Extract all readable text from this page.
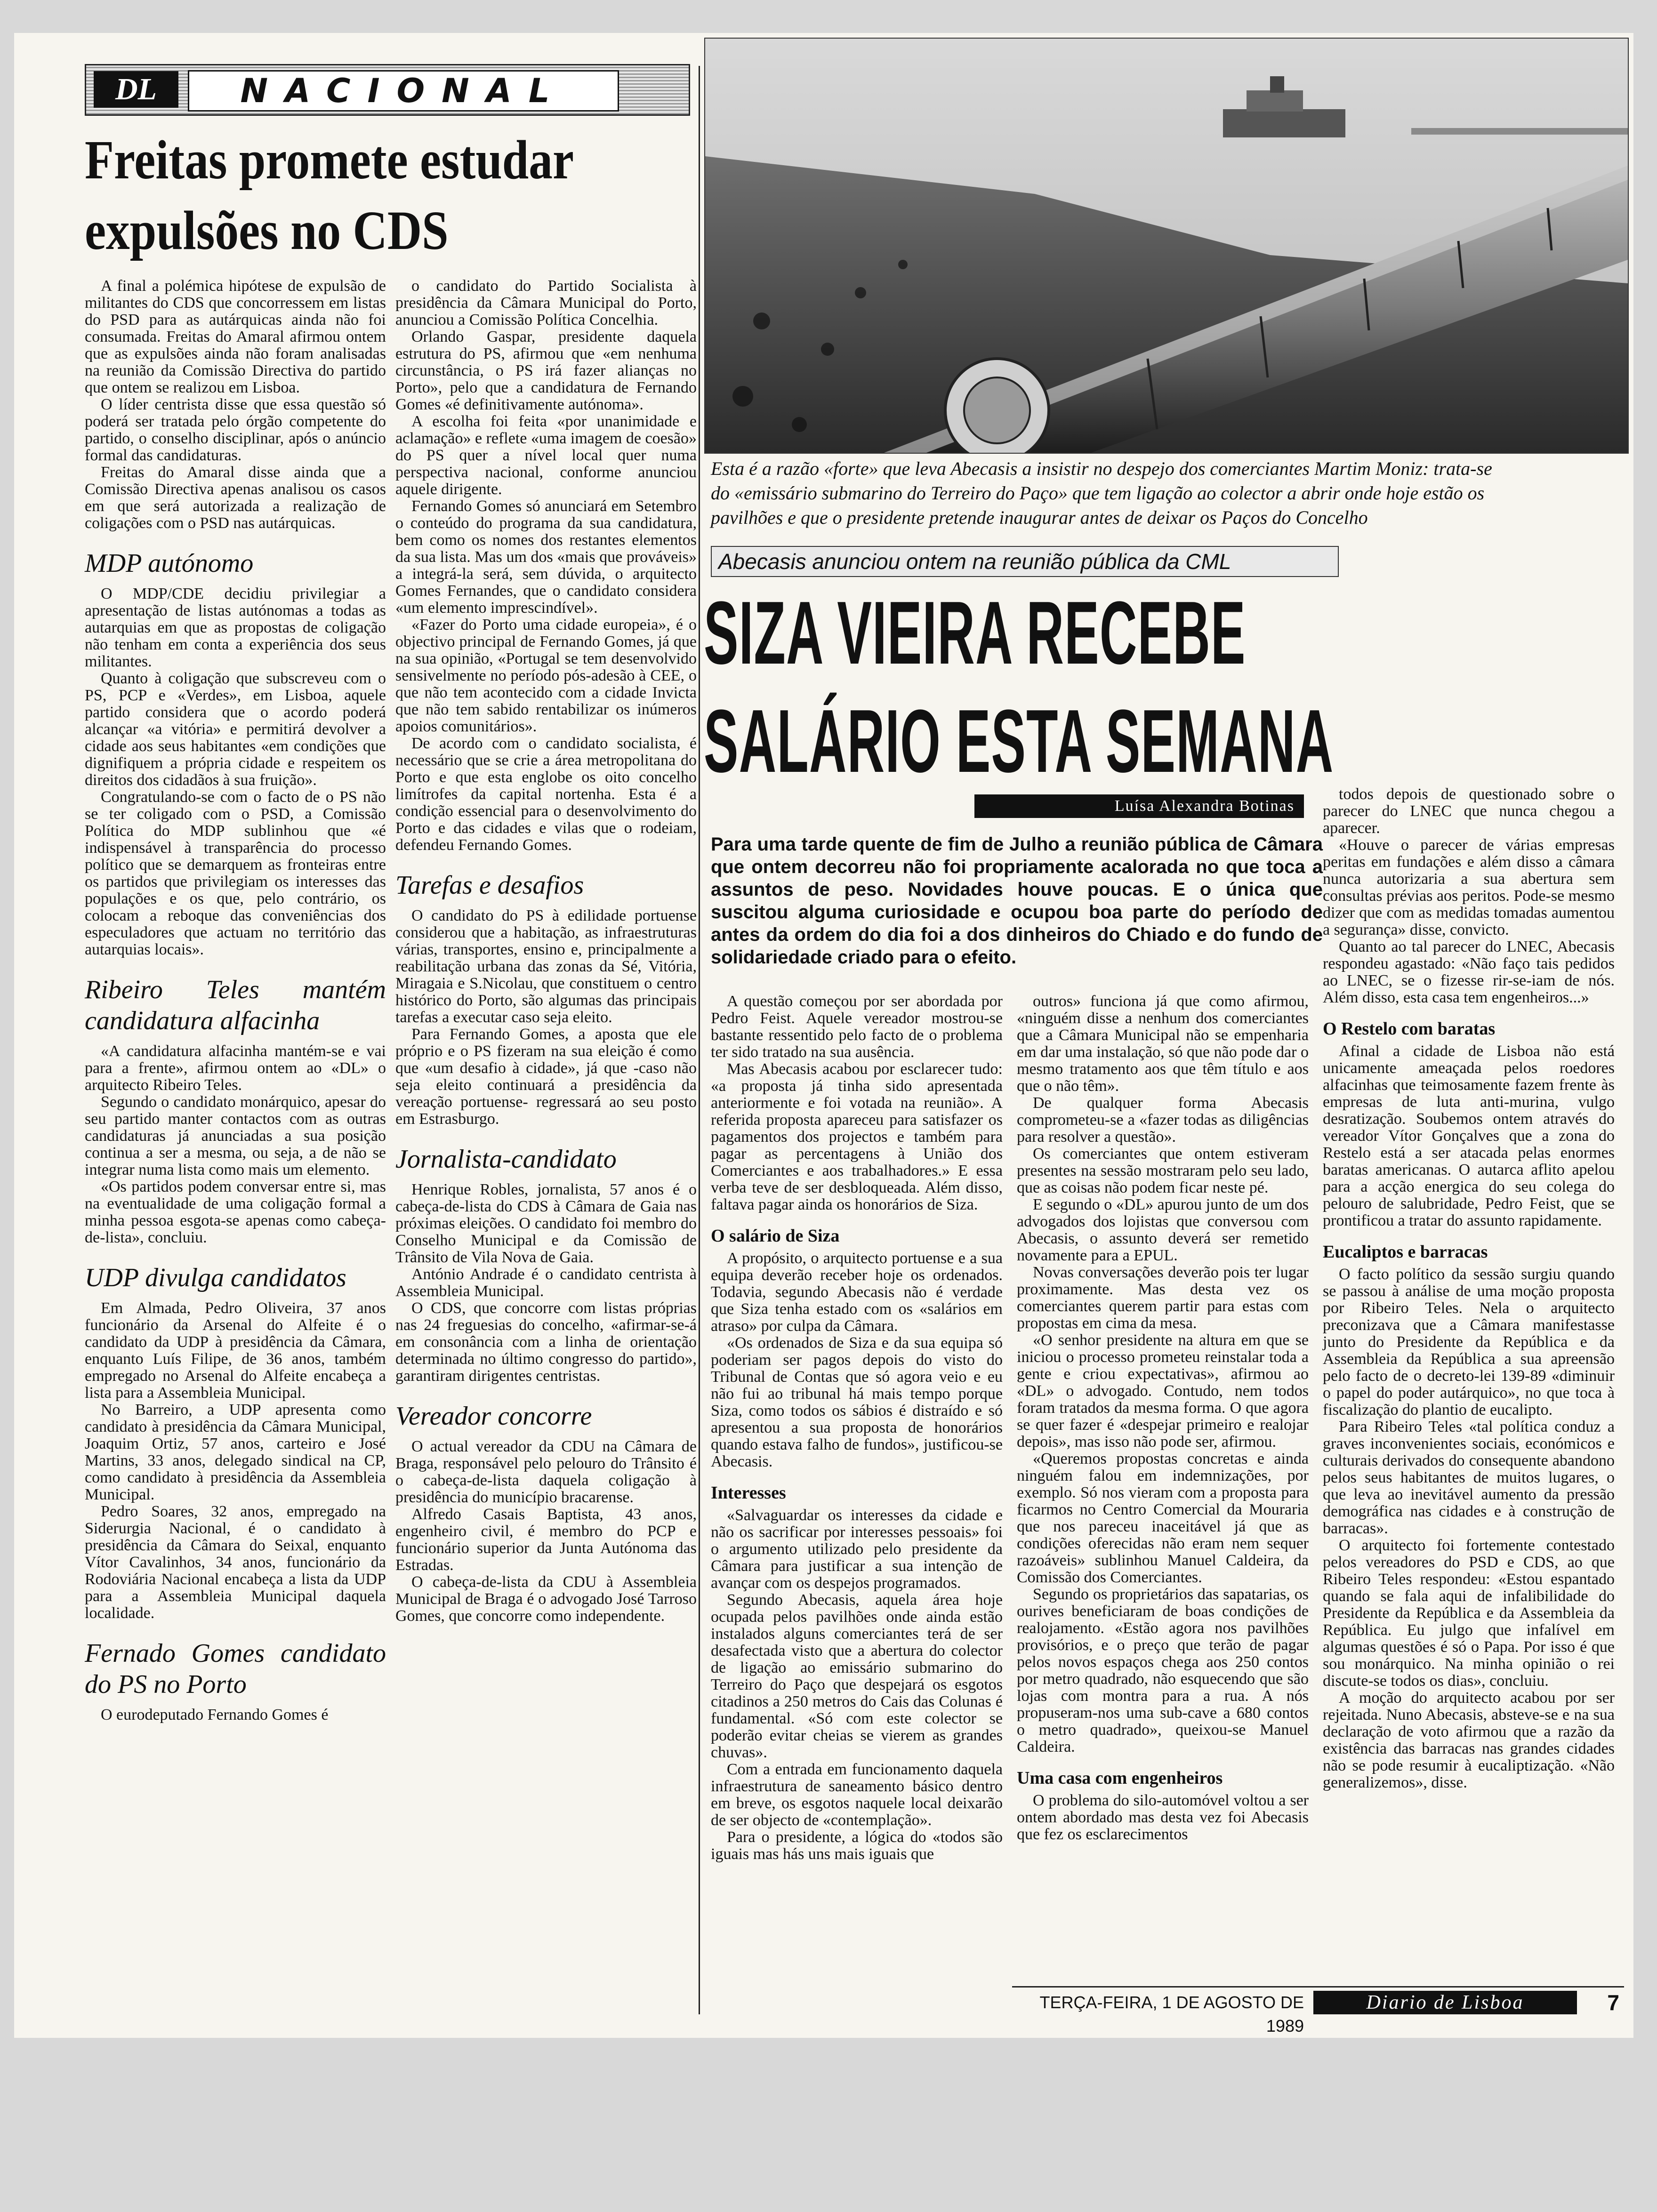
DL	NACIONAL
Freitas promete estudar expulsões no CDS

A final a polémica hipótese de expulsão de militantes do CDS que concorressem em listas do PSD para as autárquicas ainda não foi consumada. Freitas do Amaral afirmou ontem que as expulsões ainda não foram analisadas na reunião da Comissão Directiva do partido que ontem se realizou em Lisboa.

O líder centrista disse que essa questão só poderá ser tratada pelo órgão competente do partido, o conselho disciplinar, após o anúncio formal das candidaturas.

Freitas do Amaral disse ainda que a Comissão Directiva apenas analisou os casos em que será autorizada a realização de coligações com o PSD nas autárquicas.

MDP autónomo

O MDP/CDE decidiu privilegiar a apresentação de listas autónomas a todas as autarquias em que as propostas de coligação não tenham em conta a experiência dos seus militantes.

Quanto à coligação que subscreveu com o PS, PCP e «Verdes», em Lisboa, aquele partido considera que o acordo poderá alcançar «a vitória» e permitirá devolver a cidade aos seus habitantes «em condições que dignifiquem a própria cidade e respeitem os direitos dos cidadãos à sua fruição».

Congratulando-se com o facto de o PS não se ter coligado com o PSD, a Comissão Política do MDP sublinhou que «é indispensável à transparência do processo político que se demarquem as fronteiras entre os partidos que privilegiam os interesses das populações e os que, pelo contrário, os colocam a reboque das conveniências dos especuladores que actuam no território das autarquias locais».

Ribeiro Teles mantém candidatura alfacinha

«A candidatura alfacinha mantém-se e vai para a frente», afirmou ontem ao «DL» o arquitecto Ribeiro Teles.

Segundo o candidato monárquico, apesar do seu partido manter contactos com as outras candidaturas já anunciadas a sua posição continua a ser a mesma, ou seja, a de não se integrar numa lista como mais um elemento.

«Os partidos podem conversar entre si, mas na eventualidade de uma coligação formal a minha pessoa esgota-se apenas como cabeça-de-lista», concluiu.

UDP divulga candidatos

Em Almada, Pedro Oliveira, 37 anos funcionário da Arsenal do Alfeite é o candidato da UDP à presidência da Câmara, enquanto Luís Filipe, de 36 anos, também empregado no Arsenal do Alfeite encabeça a lista para a Assembleia Municipal.

No Barreiro, a UDP apresenta como candidato à presidência da Câmara Municipal, Joaquim Ortiz, 57 anos, carteiro e José Martins, 33 anos, delegado sindical na CP, como candidato à presidência da Assembleia Municipal.

Pedro Soares, 32 anos, empregado na Siderurgia Nacional, é o candidato à presidência da Câmara do Seixal, enquanto Vítor Cavalinhos, 34 anos, funcionário da Rodoviária Nacional encabeça a lista da UDP para a Assembleia Municipal daquela localidade.

Fernado Gomes candidato do PS no Porto

O eurodeputado Fernando Gomes é

o candidato do Partido Socialista à presidência da Câmara Municipal do Porto, anunciou a Comissão Política Concelhia.

Orlando Gaspar, presidente daquela estrutura do PS, afirmou que «em nenhuma circunstância, o PS irá fazer alianças no Porto», pelo que a candidatura de Fernando Gomes «é definitivamente autónoma».

A escolha foi feita «por unanimidade e aclamação» e reflete «uma imagem de coesão» do PS quer a nível local quer numa perspectiva nacional, conforme anunciou aquele dirigente.

Fernando Gomes só anunciará em Setembro o conteúdo do programa da sua candidatura, bem como os nomes dos restantes elementos da sua lista. Mas um dos «mais que prováveis» a integrá-la será, sem dúvida, o arquitecto Gomes Fernandes, que o candidato considera «um elemento imprescindível».

«Fazer do Porto uma cidade europeia», é o objectivo principal de Fernando Gomes, já que na sua opinião, «Portugal se tem desenvolvido sensivelmente no período pós-adesão à CEE, o que não tem acontecido com a cidade Invicta que não tem sabido rentabilizar os inúmeros apoios comunitários».

De acordo com o candidato socialista, é necessário que se crie a área metropolitana do Porto e que esta englobe os oito concelho limítrofes da capital nortenha. Esta é a condição essencial para o desenvolvimento do Porto e das cidades e vilas que o rodeiam, defendeu Fernando Gomes.

Tarefas e desafios

O candidato do PS à edilidade portuense considerou que a habitação, as infraestruturas várias, transportes, ensino e, principalmente a reabilitação urbana das zonas da Sé, Vitória, Miragaia e S.Nicolau, que constituem o centro histórico do Porto, são algumas das principais tarefas a executar caso seja eleito.

Para Fernando Gomes, a aposta que ele próprio e o PS fizeram na sua eleição é como que «um desafio à cidade», já que -caso não seja eleito continuará a presidência da vereação portuense- regressará ao seu posto em Estrasburgo.

Jornalista-candidato

Henrique Robles, jornalista, 57 anos é o cabeça-de-lista do CDS à Câmara de Gaia nas próximas eleições. O candidato foi membro do Conselho Municipal e da Comissão de Trânsito de Vila Nova de Gaia.

António Andrade é o candidato centrista à Assembleia Municipal.

O CDS, que concorre com listas próprias nas 24 freguesias do concelho, «afirmar-se-á em consonância com a linha de orientação determinada no último congresso do partido», garantiram dirigentes centristas.

Vereador concorre

O actual vereador da CDU na Câmara de Braga, responsável pelo pelouro do Trânsito é o cabeça-de-lista daquela coligação à presidência do município bracarense.

Alfredo Casais Baptista, 43 anos, engenheiro civil, é membro do PCP e funcionário superior da Junta Autónoma das Estradas.

O cabeça-de-lista da CDU à Assembleia Municipal de Braga é o advogado José Tarroso Gomes, que concorre como independente.

Esta é a razão «forte» que leva Abecasis a insistir no despejo dos comerciantes Martim Moniz: trata-se do «emissário submarino do Terreiro do Paço» que tem ligação ao colector a abrir onde hoje estão os pavilhões e que o presidente pretende inaugurar antes de deixar os Paços do Concelho
Abecasis anunciou ontem na reunião pública da CML
SIZA VIEIRA RECEBE
SALÁRIO ESTA SEMANA
Luísa Alexandra Botinas
Para uma tarde quente de fim de Julho a reunião pública de Câmara que ontem decorreu não foi propriamente acalorada no que toca a assuntos de peso. Novidades houve poucas. E o única que suscitou alguma curiosidade e ocupou boa parte do período de antes da ordem do dia foi a dos dinheiros do Chiado e do fundo de solidariedade criado para o efeito.

A questão começou por ser abordada por Pedro Feist. Aquele vereador mostrou-se bastante ressentido pelo facto de o problema ter sido tratado na sua ausência.

Mas Abecasis acabou por esclarecer tudo: «a proposta já tinha sido apresentada anteriormente e foi votada na reunião». A referida proposta apareceu para satisfazer os pagamentos dos projectos e também para pagar as percentagens à União dos Comerciantes e aos trabalhadores.» E essa verba teve de ser desbloqueada. Além disso, faltava pagar ainda os honorários de Siza.

O salário de Siza

A propósito, o arquitecto portuense e a sua equipa deverão receber hoje os ordenados. Todavia, segundo Abecasis não é verdade que Siza tenha estado com os «salários em atraso» por culpa da Câmara.

«Os ordenados de Siza e da sua equipa só poderiam ser pagos depois do visto do Tribunal de Contas que só agora veio e eu não fui ao tribunal há mais tempo porque Siza, como todos os sábios é distraído e só apresentou a sua proposta de honorários quando estava falho de fundos», justificou-se Abecasis.

Interesses

«Salvaguardar os interesses da cidade e não os sacrificar por interesses pessoais» foi o argumento utilizado pelo presidente da Câmara para justificar a sua intenção de avançar com os despejos programados.

Segundo Abecasis, aquela área hoje ocupada pelos pavilhões onde ainda estão instalados alguns comerciantes terá de ser desafectada visto que a abertura do colector de ligação ao emissário submarino do Terreiro do Paço que despejará os esgotos citadinos a 250 metros do Cais das Colunas é fundamental. «Só com este colector se poderão evitar cheias se vierem as grandes chuvas».

Com a entrada em funcionamento daquela infraestrutura de saneamento básico dentro em breve, os esgotos naquele local deixarão de ser objecto de «contemplação».

Para o presidente, a lógica do «todos são iguais mas hás uns mais iguais que

outros» funciona já que como afirmou, «ninguém disse a nenhum dos comerciantes que a Câmara Municipal não se empenharia em dar uma instalação, só que não pode dar o mesmo tratamento aos que têm título e aos que o não têm».

De qualquer forma Abecasis comprometeu-se a «fazer todas as diligências para resolver a questão».

Os comerciantes que ontem estiveram presentes na sessão mostraram pelo seu lado, que as coisas não podem ficar neste pé.

E segundo o «DL» apurou junto de um dos advogados dos lojistas que conversou com Abecasis, o assunto deverá ser remetido novamente para a EPUL.

Novas conversações deverão pois ter lugar proximamente. Mas desta vez os comerciantes querem partir para estas com propostas em cima da mesa.

«O senhor presidente na altura em que se iniciou o processo prometeu reinstalar toda a gente e criou expectativas», afirmou ao «DL» o advogado. Contudo, nem todos foram tratados da mesma forma. O que agora se quer fazer é «despejar primeiro e realojar depois», mas isso não pode ser, afirmou.

«Queremos propostas concretas e ainda ninguém falou em indemnizações, por exemplo. Só nos vieram com a proposta para ficarmos no Centro Comercial da Mouraria que nos pareceu inaceitável já que as condições oferecidas não eram nem sequer razoáveis» sublinhou Manuel Caldeira, da Comissão dos Comerciantes.

Segundo os proprietários das sapatarias, os ourives beneficiaram de boas condições de realojamento. «Estão agora nos pavilhões provisórios, e o preço que terão de pagar pelos novos espaços chega aos 250 contos por metro quadrado, não esquecendo que são lojas com montra para a rua. A nós propuseram-nos uma sub-cave a 680 contos o metro quadrado», queixou-se Manuel Caldeira.

Uma casa com engenheiros

O problema do silo-automóvel voltou a ser ontem abordado mas desta vez foi Abecasis que fez os esclarecimentos

todos depois de questionado sobre o parecer do LNEC que nunca chegou a aparecer.

«Houve o parecer de várias empresas peritas em fundações e além disso a câmara nunca autorizaria a sua abertura sem consultas prévias aos peritos. Pode-se mesmo dizer que com as medidas tomadas aumentou a segurança» disse, convicto.

Quanto ao tal parecer do LNEC, Abecasis respondeu agastado: «Não faço tais pedidos ao LNEC, se o fizesse rir-se-iam de nós. Além disso, esta casa tem engenheiros...»

O Restelo com baratas

Afinal a cidade de Lisboa não está unicamente ameaçada pelos roedores alfacinhas que teimosamente fazem frente às empresas de luta anti-murina, vulgo desratização. Soubemos ontem através do vereador Vítor Gonçalves que a zona do Restelo está a ser atacada pelas enormes baratas americanas. O autarca aflito apelou para a acção energica do seu colega do pelouro de salubridade, Pedro Feist, que se prontificou a tratar do assunto rapidamente.

Eucaliptos e barracas

O facto político da sessão surgiu quando se passou à análise de uma moção proposta por Ribeiro Teles. Nela o arquitecto preconizava que a Câmara manifestasse junto do Presidente da República e da Assembleia da República a sua apreensão pelo facto de o decreto-lei 139-89 «diminuir o papel do poder autárquico», no que toca à fiscalização do plantio de eucalipto.

Para Ribeiro Teles «tal política conduz a graves inconvenientes sociais, económicos e culturais derivados do consequente abandono pelos seus habitantes de muitos lugares, o que leva ao inevitável aumento da pressão demográfica nas cidades e à construção de barracas».

O arquitecto foi fortemente contestado pelos vereadores do PSD e CDS, ao que Ribeiro Teles respondeu: «Estou espantado quando se fala aqui de infalibilidade do Presidente da República e da Assembleia da República. Eu julgo que infalível em algumas questões é só o Papa. Por isso é que sou monárquico. Na minha opinião o rei discute-se todos os dias», concluiu.

A moção do arquitecto acabou por ser rejeitada. Nuno Abecasis, absteve-se e na sua declaração de voto afirmou que a razão da existência das barracas nas grandes cidades não se pode resumir à eucaliptização. «Não generalizemos», disse.

TERÇA-FEIRA, 1 DE AGOSTO DE 1989
Diario de Lisboa	7
